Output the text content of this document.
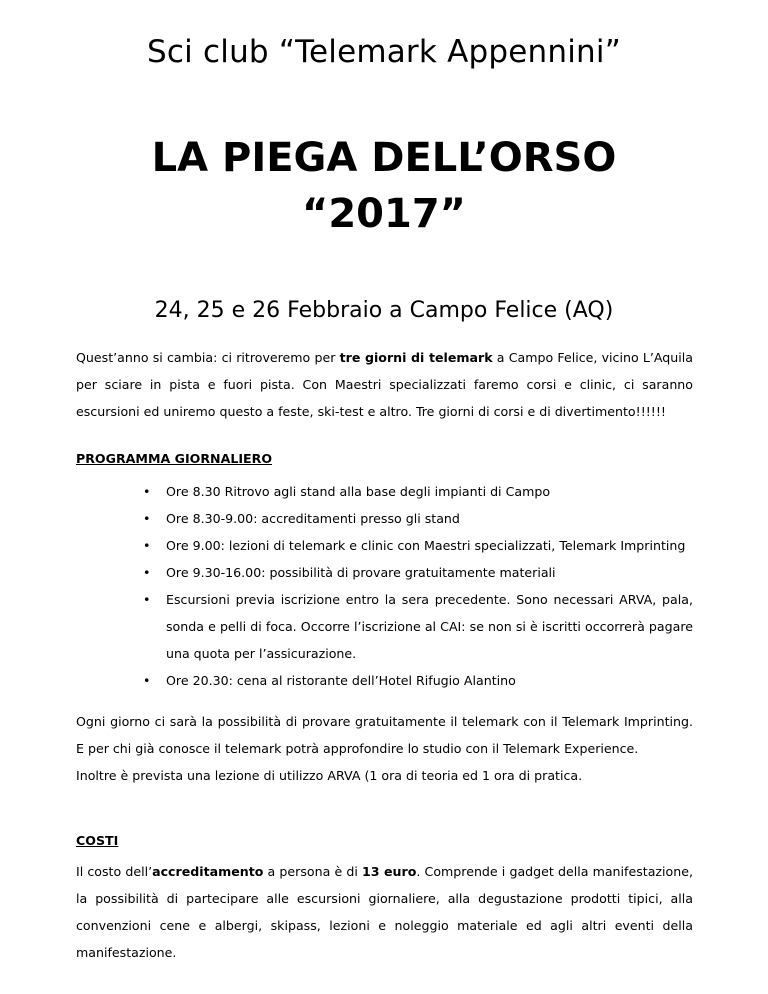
Sci club “Telemark Appennini”
LA PIEGA DELL’ORSO
“2017”
24, 25 e 26 Febbraio a Campo Felice (AQ)

Quest’anno si cambia: ci ritroveremo per tre giorni di telemark a Campo Felice, vicino L’Aquila per sciare in pista e fuori pista. Con Maestri specializzati faremo corsi e clinic, ci saranno escursioni ed uniremo questo a feste, ski-test e altro. Tre giorni di corsi e di divertimento!!!!!!

PROGRAMMA GIORNALIERO
• Ore 8.30 Ritrovo agli stand alla base degli impianti di Campo
• Ore 8.30-9.00: accreditamenti presso gli stand
• Ore 9.00: lezioni di telemark e clinic con Maestri specializzati, Telemark Imprinting
• Ore 9.30-16.00: possibilità di provare gratuitamente materiali
• Escursioni previa iscrizione entro la sera precedente. Sono necessari ARVA, pala, sonda e pelli di foca. Occorre l’iscrizione al CAI: se non si è iscritti occorrerà pagare una quota per l’assicurazione.
• Ore 20.30: cena al ristorante dell’Hotel Rifugio Alantino

Ogni giorno ci sarà la possibilità di provare gratuitamente il telemark con il Telemark Imprinting. E per chi già conosce il telemark potrà approfondire lo studio con il Telemark Experience.

Inoltre è prevista una lezione di utilizzo ARVA (1 ora di teoria ed 1 ora di pratica.

COSTI

Il costo dell’accreditamento a persona è di 13 euro. Comprende i gadget della manifestazione, la possibilità di partecipare alle escursioni giornaliere, alla degustazione prodotti tipici, alla convenzioni cene e albergi, skipass, lezioni e noleggio materiale ed agli altri eventi della manifestazione.
